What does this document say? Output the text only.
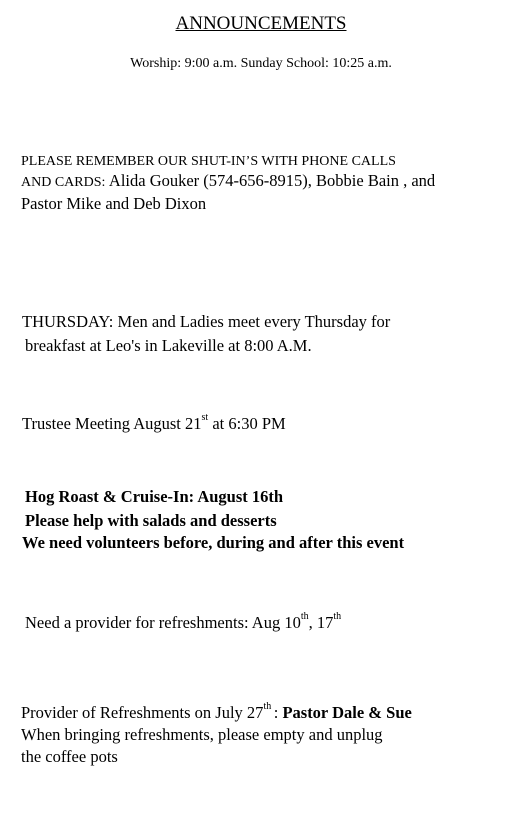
ANNOUNCEMENTS
Worship: 9:00 a.m. Sunday School: 10:25 a.m.
PLEASE REMEMBER OUR SHUT-IN’S WITH PHONE CALLS
AND CARDS: Alida Gouker (574-656-8915), Bobbie Bain , and
Pastor Mike and Deb Dixon
THURSDAY: Men and Ladies meet every Thursday for
breakfast at Leo's in Lakeville at 8:00 A.M.
Trustee Meeting August 21st at 6:30 PM
Hog Roast & Cruise-In: August 16th
Please help with salads and desserts
We need volunteers before, during and after this event
Need a provider for refreshments: Aug 10th, 17th
Provider of Refreshments on July 27th : Pastor Dale & Sue
When bringing refreshments, please empty and unplug
the coffee pots
